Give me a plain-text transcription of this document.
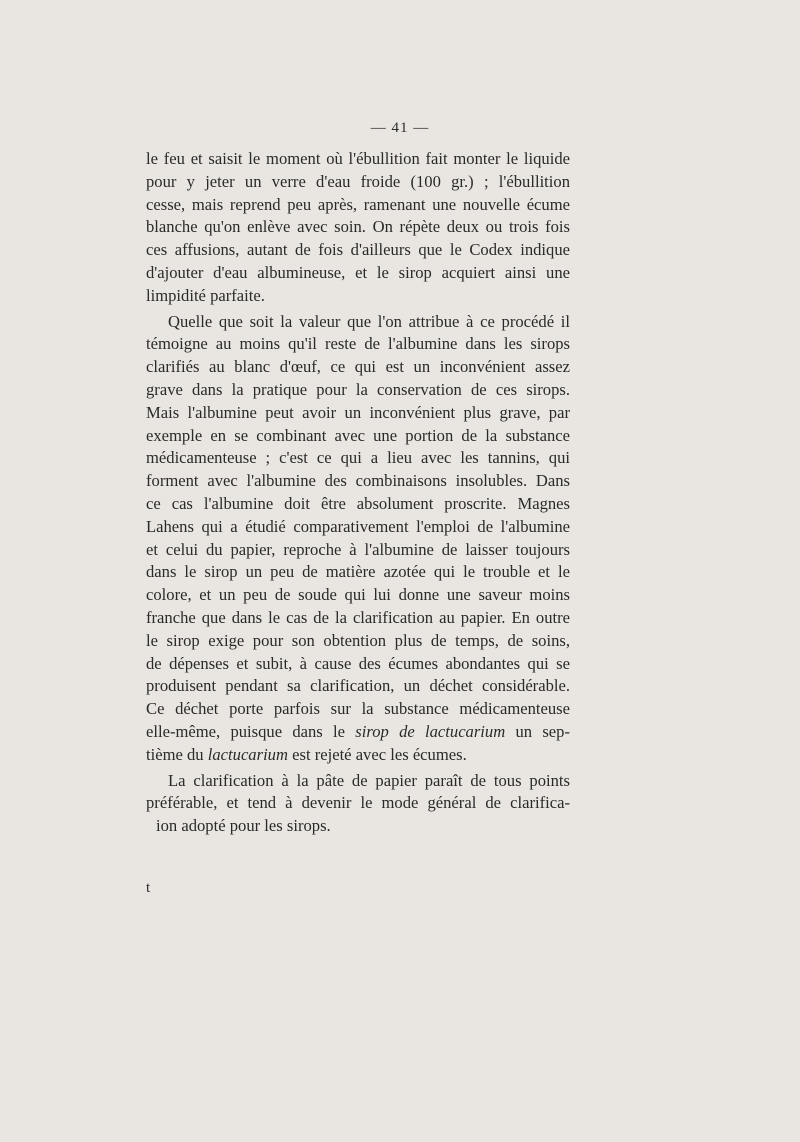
— 41 —
le feu et saisit le moment où l'ébullition fait monter le liquide
pour y jeter un verre d'eau froide (100 gr.) ; l'ébullition
cesse, mais reprend peu après, ramenant une nouvelle écume
blanche qu'on enlève avec soin. On répète deux ou trois fois
ces affusions, autant de fois d'ailleurs que le Codex indique
d'ajouter d'eau albumineuse, et le sirop acquiert ainsi une
limpidité parfaite.
Quelle que soit la valeur que l'on attribue à ce procédé il
témoigne au moins qu'il reste de l'albumine dans les sirops
clarifiés au blanc d'œuf, ce qui est un inconvénient assez
grave dans la pratique pour la conservation de ces sirops.
Mais l'albumine peut avoir un inconvénient plus grave, par
exemple en se combinant avec une portion de la substance
médicamenteuse ; c'est ce qui a lieu avec les tannins, qui
forment avec l'albumine des combinaisons insolubles. Dans
ce cas l'albumine doit être absolument proscrite. Magnes
Lahens qui a étudié comparativement l'emploi de l'albumine
et celui du papier, reproche à l'albumine de laisser toujours
dans le sirop un peu de matière azotée qui le trouble et le
colore, et un peu de soude qui lui donne une saveur moins
franche que dans le cas de la clarification au papier. En outre
le sirop exige pour son obtention plus de temps, de soins,
de dépenses et subit, à cause des écumes abondantes qui se
produisent pendant sa clarification, un déchet considérable.
Ce déchet porte parfois sur la substance médicamenteuse
elle-même, puisque dans le sirop de lactucarium un sep-
tième du lactucarium est rejeté avec les écumes.
La clarification à la pâte de papier paraît de tous points
préférable, et tend à devenir le mode général de clarifica-
ion adopté pour les sirops.
t
